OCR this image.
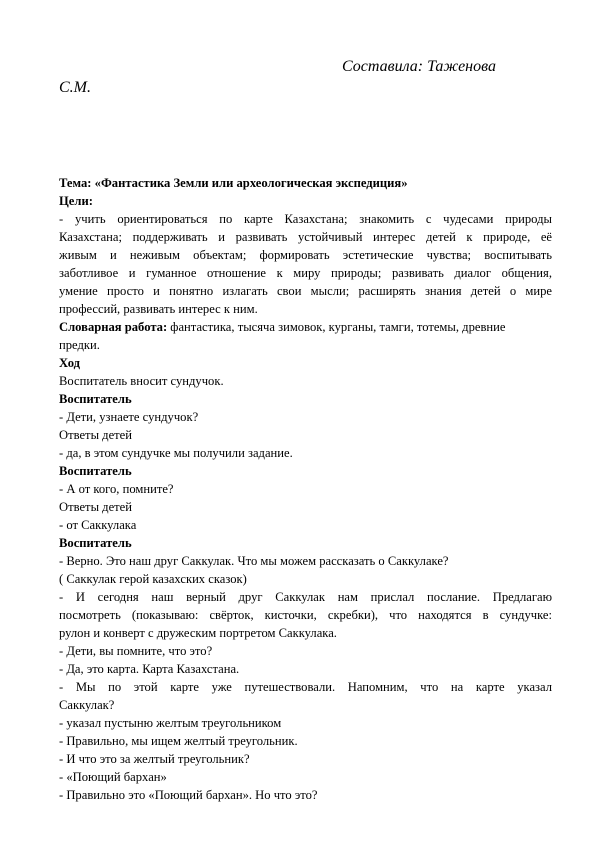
Составила: Таженова
С.М.
Тема: «Фантастика Земли или археологическая экспедиция»
Цели:
- учить ориентироваться по карте Казахстана; знакомить с чудесами природы
Казахстана; поддерживать и развивать устойчивый интерес детей к природе, её
живым и неживым объектам; формировать эстетические чувства; воспитывать
заботливое и гуманное отношение к миру природы; развивать диалог общения,
умение просто и понятно излагать свои мысли; расширять знания детей о мире
профессий, развивать интерес к ним.
Словарная работа: фантастика, тысяча зимовок, курганы, тамги, тотемы, древние
предки.
Ход
Воспитатель вносит сундучок.
Воспитатель
- Дети, узнаете сундучок?
Ответы детей
- да, в этом сундучке мы получили задание.
Воспитатель
- А от кого, помните?
Ответы детей
- от Саккулака
Воспитатель
- Верно. Это наш друг Саккулак. Что мы можем рассказать о Саккулаке?
( Саккулак герой казахских сказок)
- И сегодня наш верный друг Саккулак нам прислал послание. Предлагаю
посмотреть (показываю: свёрток, кисточки, скребки), что находятся в сундучке:
рулон и конверт с дружеским портретом Саккулака.
- Дети, вы помните, что это?
- Да, это карта. Карта Казахстана.
- Мы по этой карте уже путешествовали. Напомним, что на карте указал
Саккулак?
- указал пустыню желтым треугольником
- Правильно, мы ищем желтый треугольник.
- И что это за желтый треугольник?
- «Поющий бархан»
- Правильно это «Поющий бархан». Но что это?
